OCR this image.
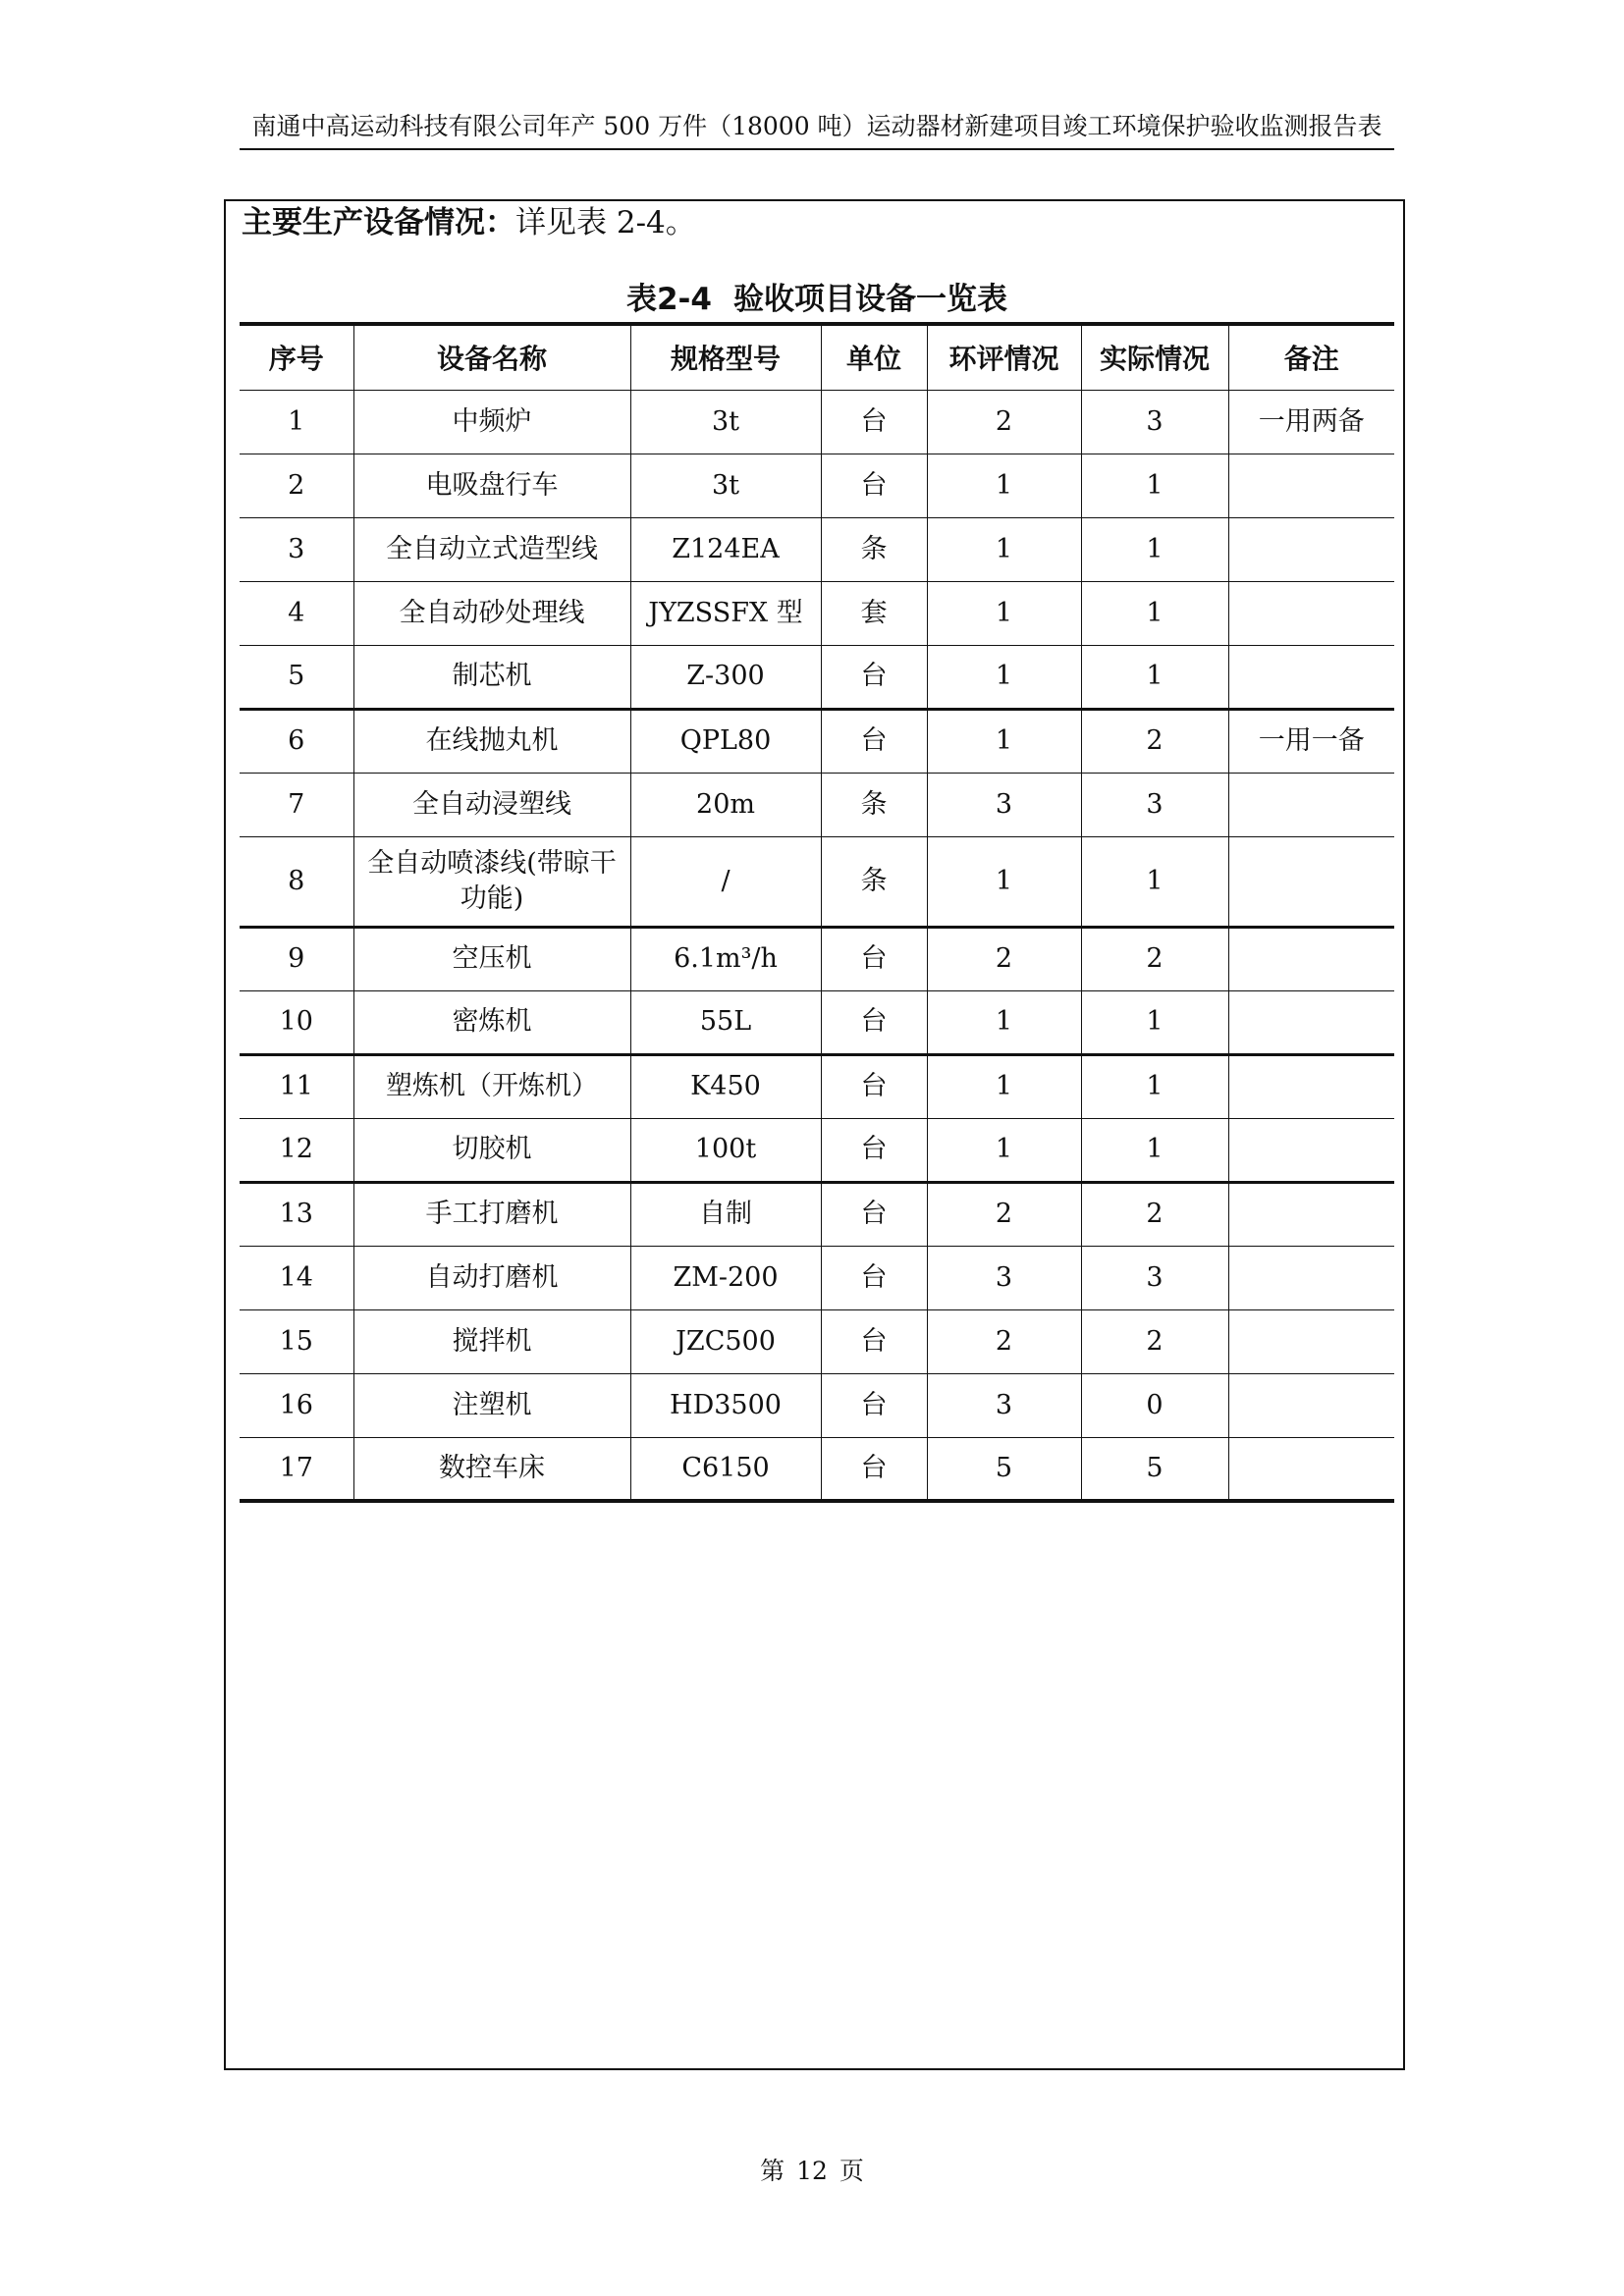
南通中高运动科技有限公司年产 500 万件（18000 吨）运动器材新建项目竣工环境保护验收监测报告表
主要生产设备情况：详见表 2-4。
表2-4 验收项目设备一览表
序号	设备名称	规格型号	单位	环评情况	实际情况	备注
1	中频炉	3t	台	2	3	一用两备
2	电吸盘行车	3t	台	1	1	
3	全自动立式造型线	Z124EA	条	1	1	
4	全自动砂处理线	JYZSSFX 型	套	1	1	
5	制芯机	Z-300	台	1	1	
6	在线抛丸机	QPL80	台	1	2	一用一备
7	全自动浸塑线	20m	条	3	3	
8	全自动喷漆线(带晾干功能)	/	条	1	1	
9	空压机	6.1m³/h	台	2	2	
10	密炼机	55L	台	1	1	
11	塑炼机（开炼机）	K450	台	1	1	
12	切胶机	100t	台	1	1	
13	手工打磨机	自制	台	2	2	
14	自动打磨机	ZM-200	台	3	3	
15	搅拌机	JZC500	台	2	2	
16	注塑机	HD3500	台	3	0	
17	数控车床	C6150	台	5	5	
第 12 页
